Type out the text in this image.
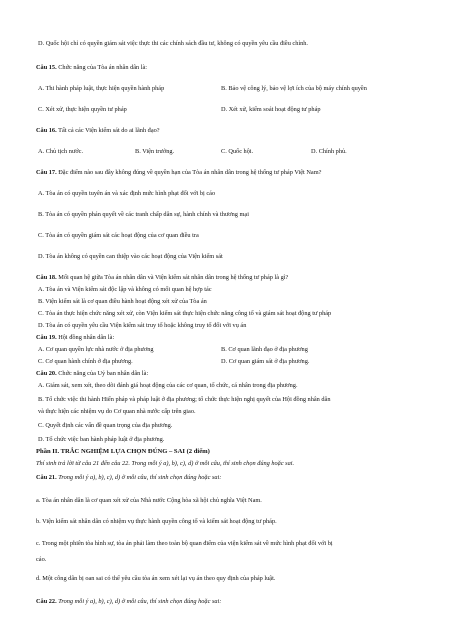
D. Quốc hội chỉ có quyền giám sát việc thực thi các chính sách đầu tư, không có quyền yêu cầu điều chỉnh.
Câu 15. Chức năng của Tòa án nhân dân là:
A. Thi hành pháp luật, thực hiện quyền hành pháp	B. Bảo vệ công lý, bảo vệ lợi ích của bộ máy chính quyền
C. Xét xử, thực hiện quyền tư pháp	D. Xét xử, kiểm soát hoạt động tư pháp
Câu 16. Tất cả các Viện kiểm sát do ai lãnh đạo?
A. Chủ tịch nước.	B. Viện trưởng.	C. Quốc hội.	D. Chính phủ.
Câu 17. Đặc điểm nào sau đây không đúng về quyền hạn của Tòa án nhân dân trong hệ thống tư pháp Việt Nam?
A. Tòa án có quyền tuyên án và xác định mức hình phạt đối với bị cáo
B. Tòa án có quyền phán quyết về các tranh chấp dân sự, hành chính và thương mại
C. Tòa án có quyền giám sát các hoạt động của cơ quan điều tra
D. Tòa án không có quyền can thiệp vào các hoạt động của Viện kiểm sát
Câu 18. Mối quan hệ giữa Tòa án nhân dân và Viện kiểm sát nhân dân trong hệ thống tư pháp là gì?
A. Tòa án và Viện kiểm sát độc lập và không có mối quan hệ hợp tác
B. Viện kiểm sát là cơ quan điều hành hoạt động xét xử của Tòa án
C. Tòa án thực hiện chức năng xét xử, còn Viện kiểm sát thực hiện chức năng công tố và giám sát hoạt động tư pháp
D. Tòa án có quyền yêu cầu Viện kiểm sát truy tố hoặc không truy tố đối với vụ án
Câu 19. Hội đồng nhân dân là:
A. Cơ quan quyền lực nhà nước ở địa phương	B. Cơ quan lãnh đạo ở địa phương
C. Cơ quan hành chính ở địa phương.	D. Cơ quan giám sát ở địa phương.
Câu 20. Chức năng của Uỷ ban nhân dân là:
A. Giám sát, xem xét, theo dõi đánh giá hoạt động của các cơ quan, tổ chức, cá nhân trong địa phương.
B. Tổ chức việc thi hành Hiến pháp và pháp luật ở địa phương; tổ chức thực hiện nghị quyết của Hội đồng nhân dân
và thực hiện các nhiệm vụ do Cơ quan nhà nước cấp trên giao.
C. Quyết định các vấn đề quan trọng của địa phương.
D. Tổ chức việc ban hành pháp luật ở địa phương.
Phần II. TRẮC NGHIỆM LỰA CHỌN ĐÚNG – SAI (2 điểm)
Thí sinh trả lời từ câu 21 đến câu 22. Trong mỗi ý a), b), c), d) ở mỗi câu, thí sinh chọn đúng hoặc sai.
Câu 21. Trong mỗi ý a), b), c), d) ở mỗi câu, thí sinh chọn đúng hoặc sai:
a. Tòa án nhân dân là cơ quan xét xử của Nhà nước Cộng hòa xã hội chủ nghĩa Việt Nam.
b. Viện kiểm sát nhân dân có nhiệm vụ thực hành quyền công tố và kiểm sát hoạt động tư pháp.
c. Trong một phiên tòa hình sự, tòa án phải làm theo toàn bộ quan điểm của viện kiểm sát về mức hình phạt đối với bị
cáo.
d. Một công dân bị oan sai có thể yêu cầu tòa án xem xét lại vụ án theo quy định của pháp luật.
Câu 22. Trong mỗi ý a), b), c), d) ở mỗi câu, thí sinh chọn đúng hoặc sai:
